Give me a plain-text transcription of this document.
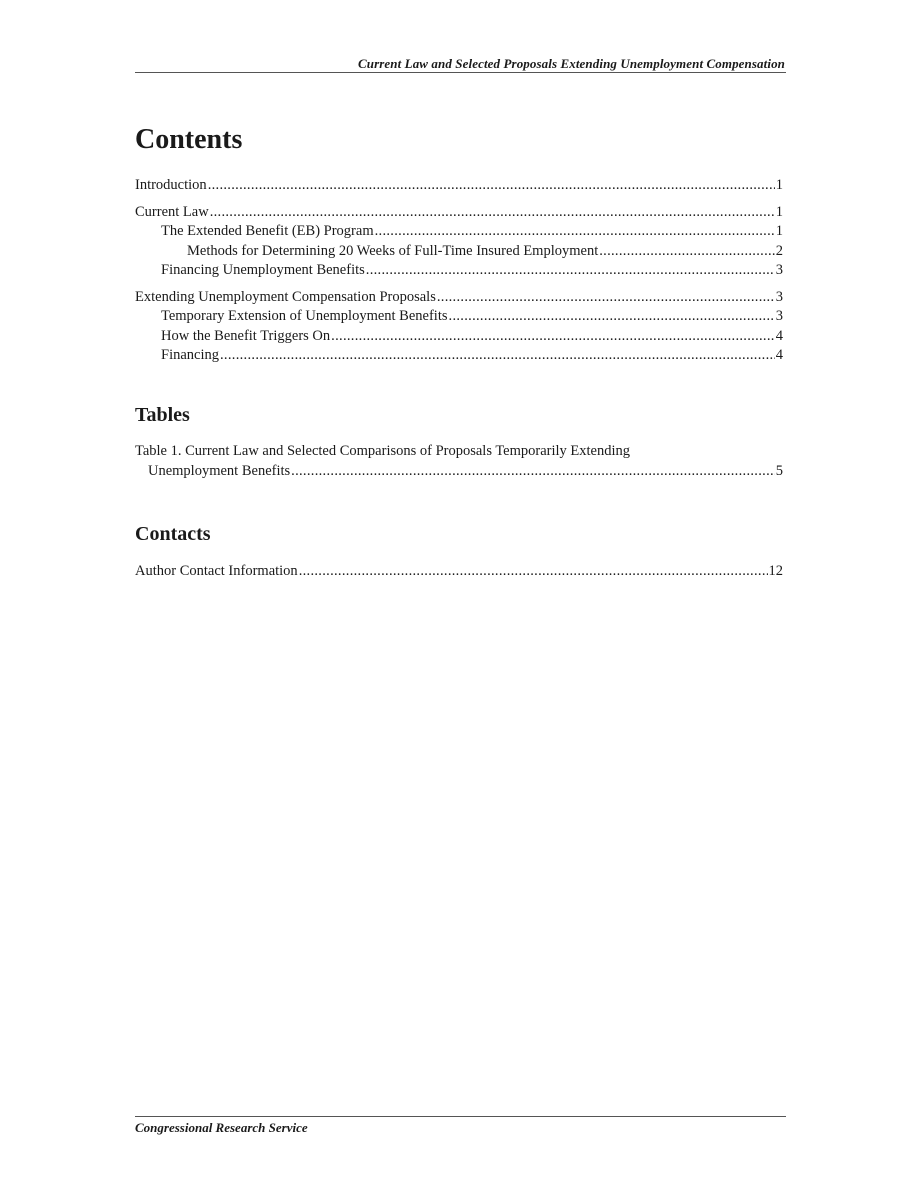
Current Law and Selected Proposals Extending Unemployment Compensation
Contents
Introduction .....	1
Current Law .....	1
The Extended Benefit (EB) Program .....	1
Methods for Determining 20 Weeks of Full-Time Insured Employment .....	2
Financing Unemployment Benefits .....	3
Extending Unemployment Compensation Proposals .....	3
Temporary Extension of Unemployment Benefits .....	3
How the Benefit Triggers On .....	4
Financing .....	4
Tables
Table 1. Current Law and Selected Comparisons of Proposals Temporarily Extending
Unemployment Benefits .....	5
Contacts
Author Contact Information .....	12
Congressional Research Service
